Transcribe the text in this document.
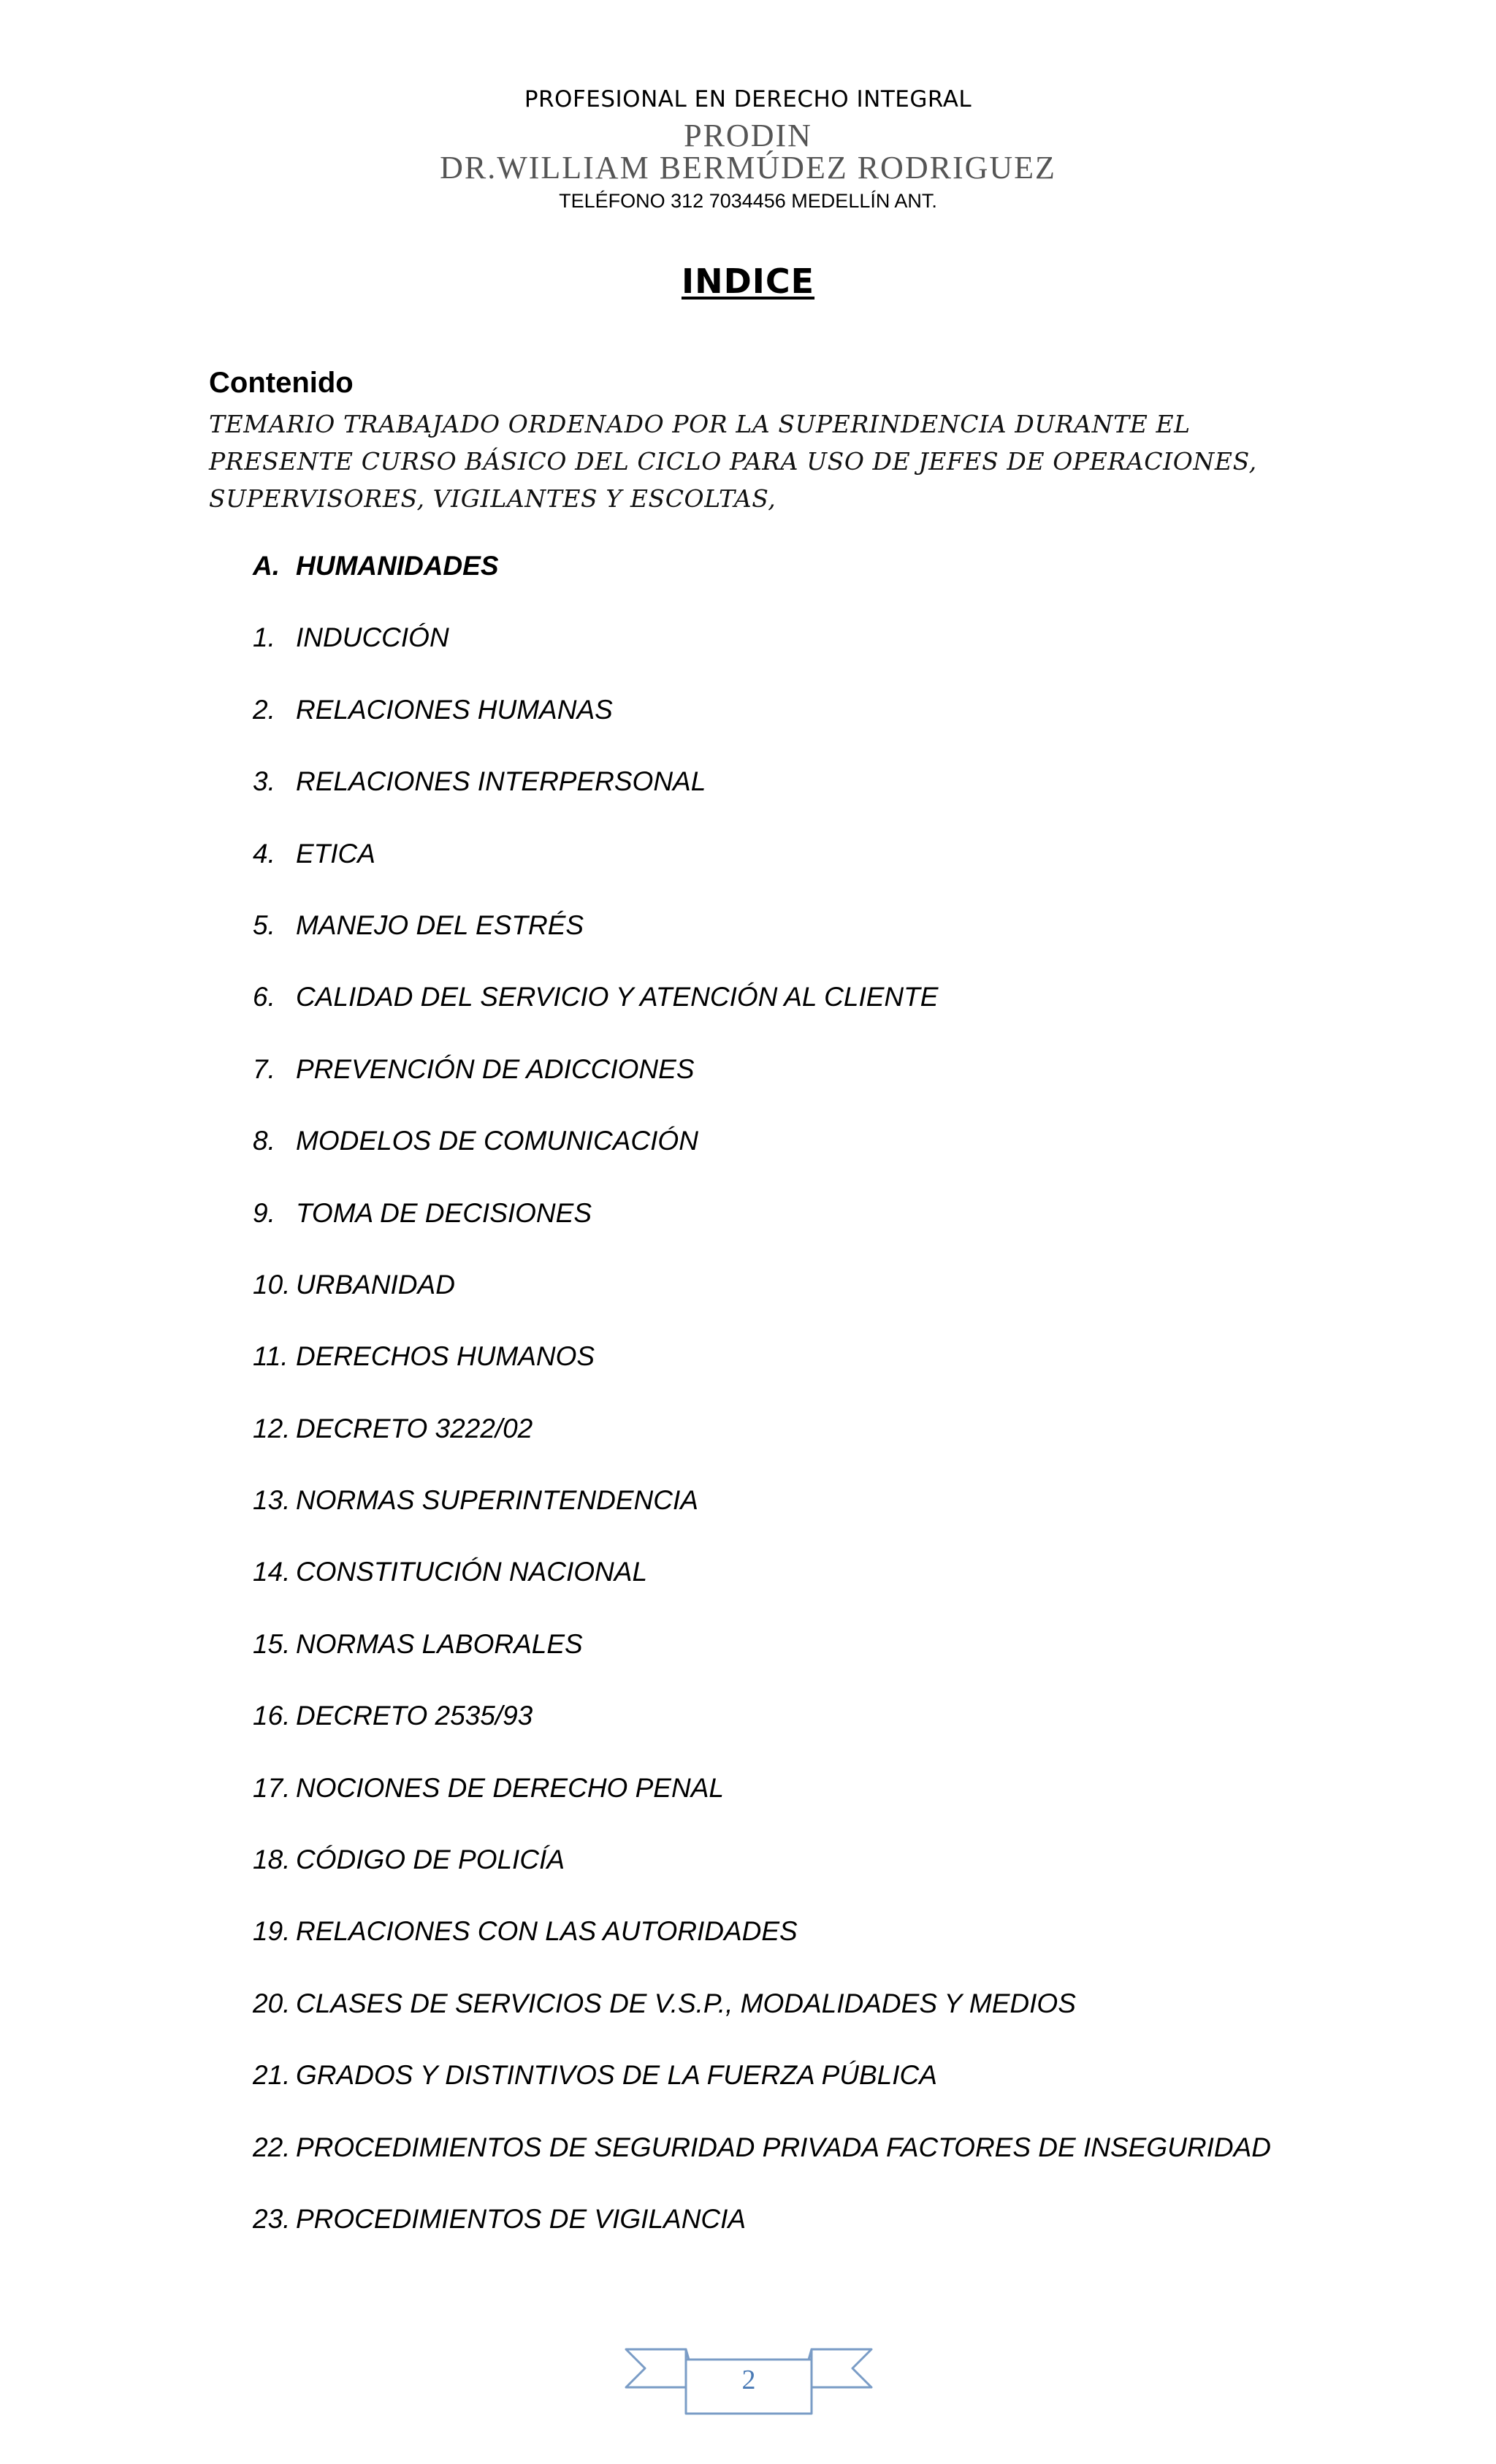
PROFESIONAL EN DERECHO INTEGRAL
PRODIN
DR.WILLIAM BERMÚDEZ RODRIGUEZ
TELÉFONO 312 7034456 MEDELLÍN ANT.
INDICE
Contenido
TEMARIO TRABAJADO ORDENADO POR LA SUPERINDENCIA DURANTE EL PRESENTE CURSO BÁSICO DEL CICLO PARA USO DE JEFES DE OPERACIONES, SUPERVISORES, VIGILANTES Y ESCOLTAS,
A. HUMANIDADES
1. INDUCCIÓN
2. RELACIONES HUMANAS
3. RELACIONES INTERPERSONAL
4. ETICA
5. MANEJO DEL ESTRÉS
6. CALIDAD DEL SERVICIO Y ATENCIÓN AL CLIENTE
7. PREVENCIÓN DE ADICCIONES
8. MODELOS DE COMUNICACIÓN
9. TOMA DE DECISIONES
10. URBANIDAD
11. DERECHOS HUMANOS
12. DECRETO 3222/02
13. NORMAS SUPERINTENDENCIA
14. CONSTITUCIÓN NACIONAL
15. NORMAS LABORALES
16. DECRETO 2535/93
17. NOCIONES DE DERECHO PENAL
18. CÓDIGO DE POLICÍA
19. RELACIONES CON LAS AUTORIDADES
20. CLASES DE SERVICIOS DE V.S.P., MODALIDADES Y MEDIOS
21. GRADOS Y DISTINTIVOS DE LA FUERZA PÚBLICA
22. PROCEDIMIENTOS DE SEGURIDAD PRIVADA FACTORES DE INSEGURIDAD
23. PROCEDIMIENTOS DE VIGILANCIA
2
